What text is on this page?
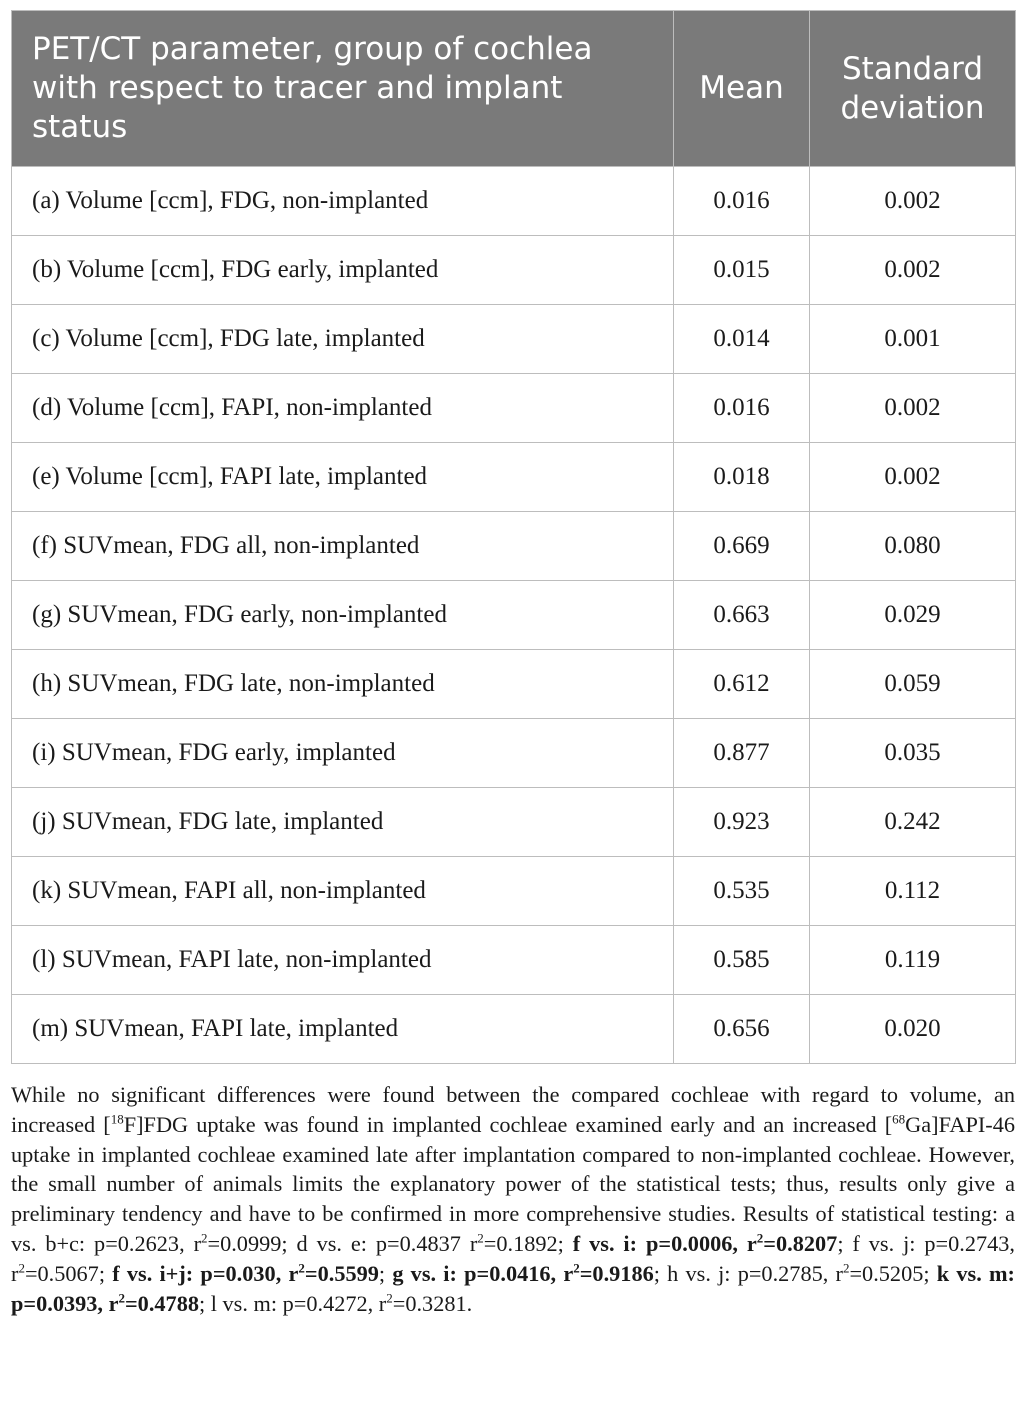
PET/CT parameter, group of cochlea with respect to tracer and implant status	Mean	Standard deviation
(a) Volume [ccm], FDG, non-implanted	0.016	0.002
(b) Volume [ccm], FDG early, implanted	0.015	0.002
(c) Volume [ccm], FDG late, implanted	0.014	0.001
(d) Volume [ccm], FAPI, non-implanted	0.016	0.002
(e) Volume [ccm], FAPI late, implanted	0.018	0.002
(f) SUVmean, FDG all, non-implanted	0.669	0.080
(g) SUVmean, FDG early, non-implanted	0.663	0.029
(h) SUVmean, FDG late, non-implanted	0.612	0.059
(i) SUVmean, FDG early, implanted	0.877	0.035
(j) SUVmean, FDG late, implanted	0.923	0.242
(k) SUVmean, FAPI all, non-implanted	0.535	0.112
(l) SUVmean, FAPI late, non-implanted	0.585	0.119
(m) SUVmean, FAPI late, implanted	0.656	0.020
While no significant differences were found between the compared cochleae with regard to volume, an increased [$^{18}$F]FDG uptake was found in implanted cochleae examined early and an increased [$^{68}$Ga]FAPI-46 uptake in implanted cochleae examined late after implantation compared to non-implanted cochleae. However, the small number of animals limits the explanatory power of the statistical tests; thus, results only give a preliminary tendency and have to be confirmed in more comprehensive studies. Results of statistical testing: a vs. b+c: p=0.2623, $r^2=0.0999$; d vs. e: p=0.4837 $r^2=0.1892$; f vs. i: p=0.0006, $r^2=0.8207$; f vs. j: p=0.2743, $r^2=0.5067$; f vs. i+j: p=0.030, $r^2=0.5599$; g vs. i: p=0.0416, $r^2=0.9186$; h vs. j: p=0.2785, $r^2=0.5205$; k vs. m: p=0.0393, $r^2=0.4788$; l vs. m: p=0.4272, $r^2=0.3281$.
